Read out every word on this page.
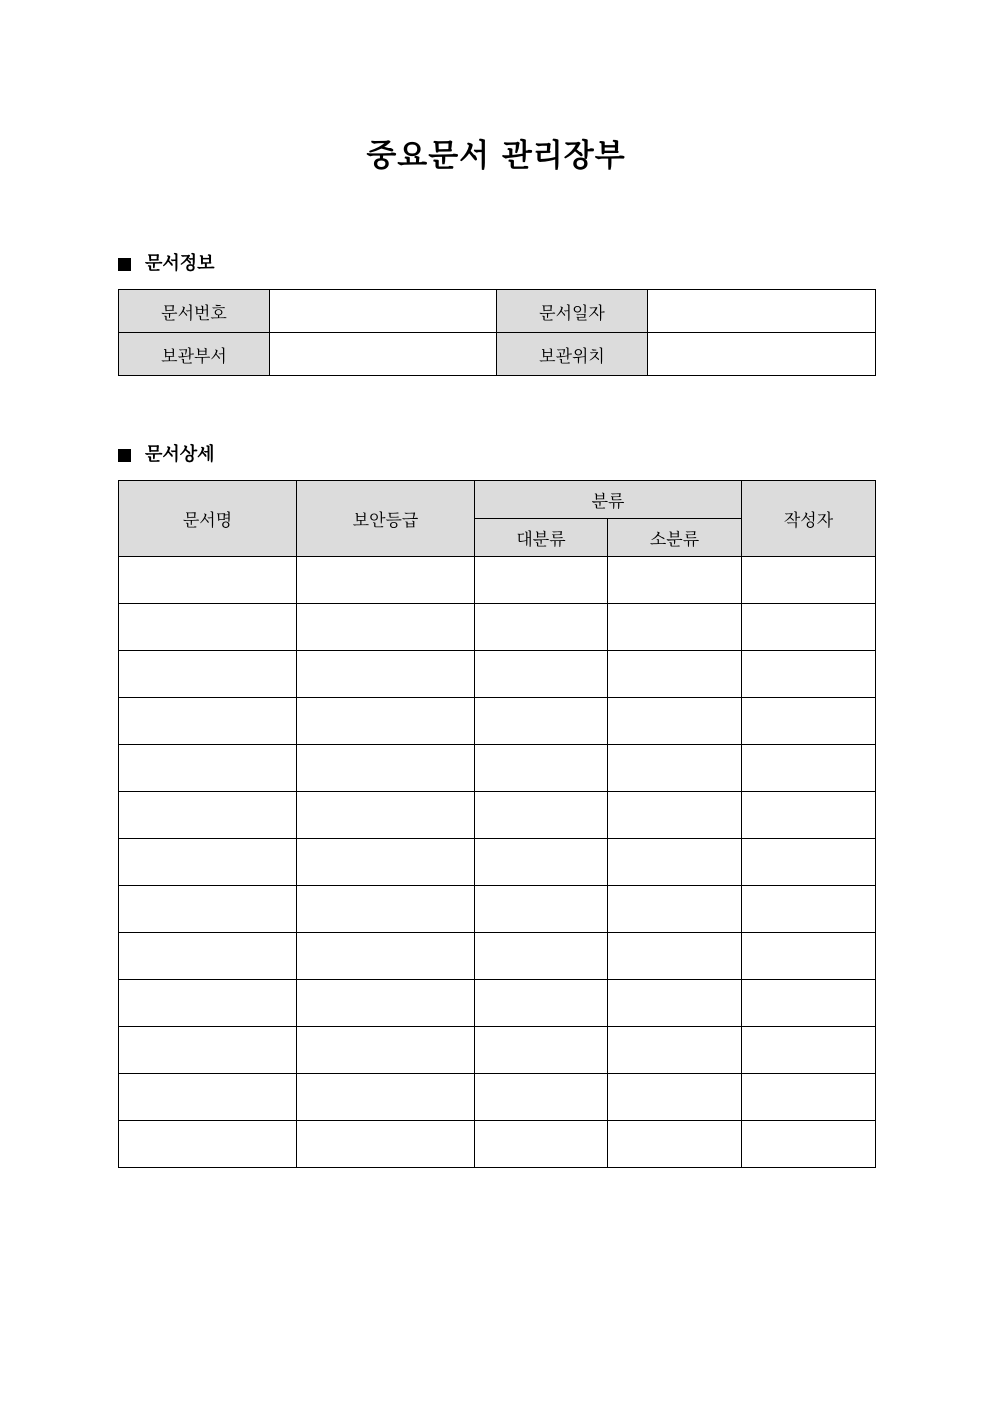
중요문서 관리장부
문서정보
문서번호		문서일자	
보관부서		보관위치	
문서상세
문서명	보안등급	분류		작성자
		대분류	소분류	
